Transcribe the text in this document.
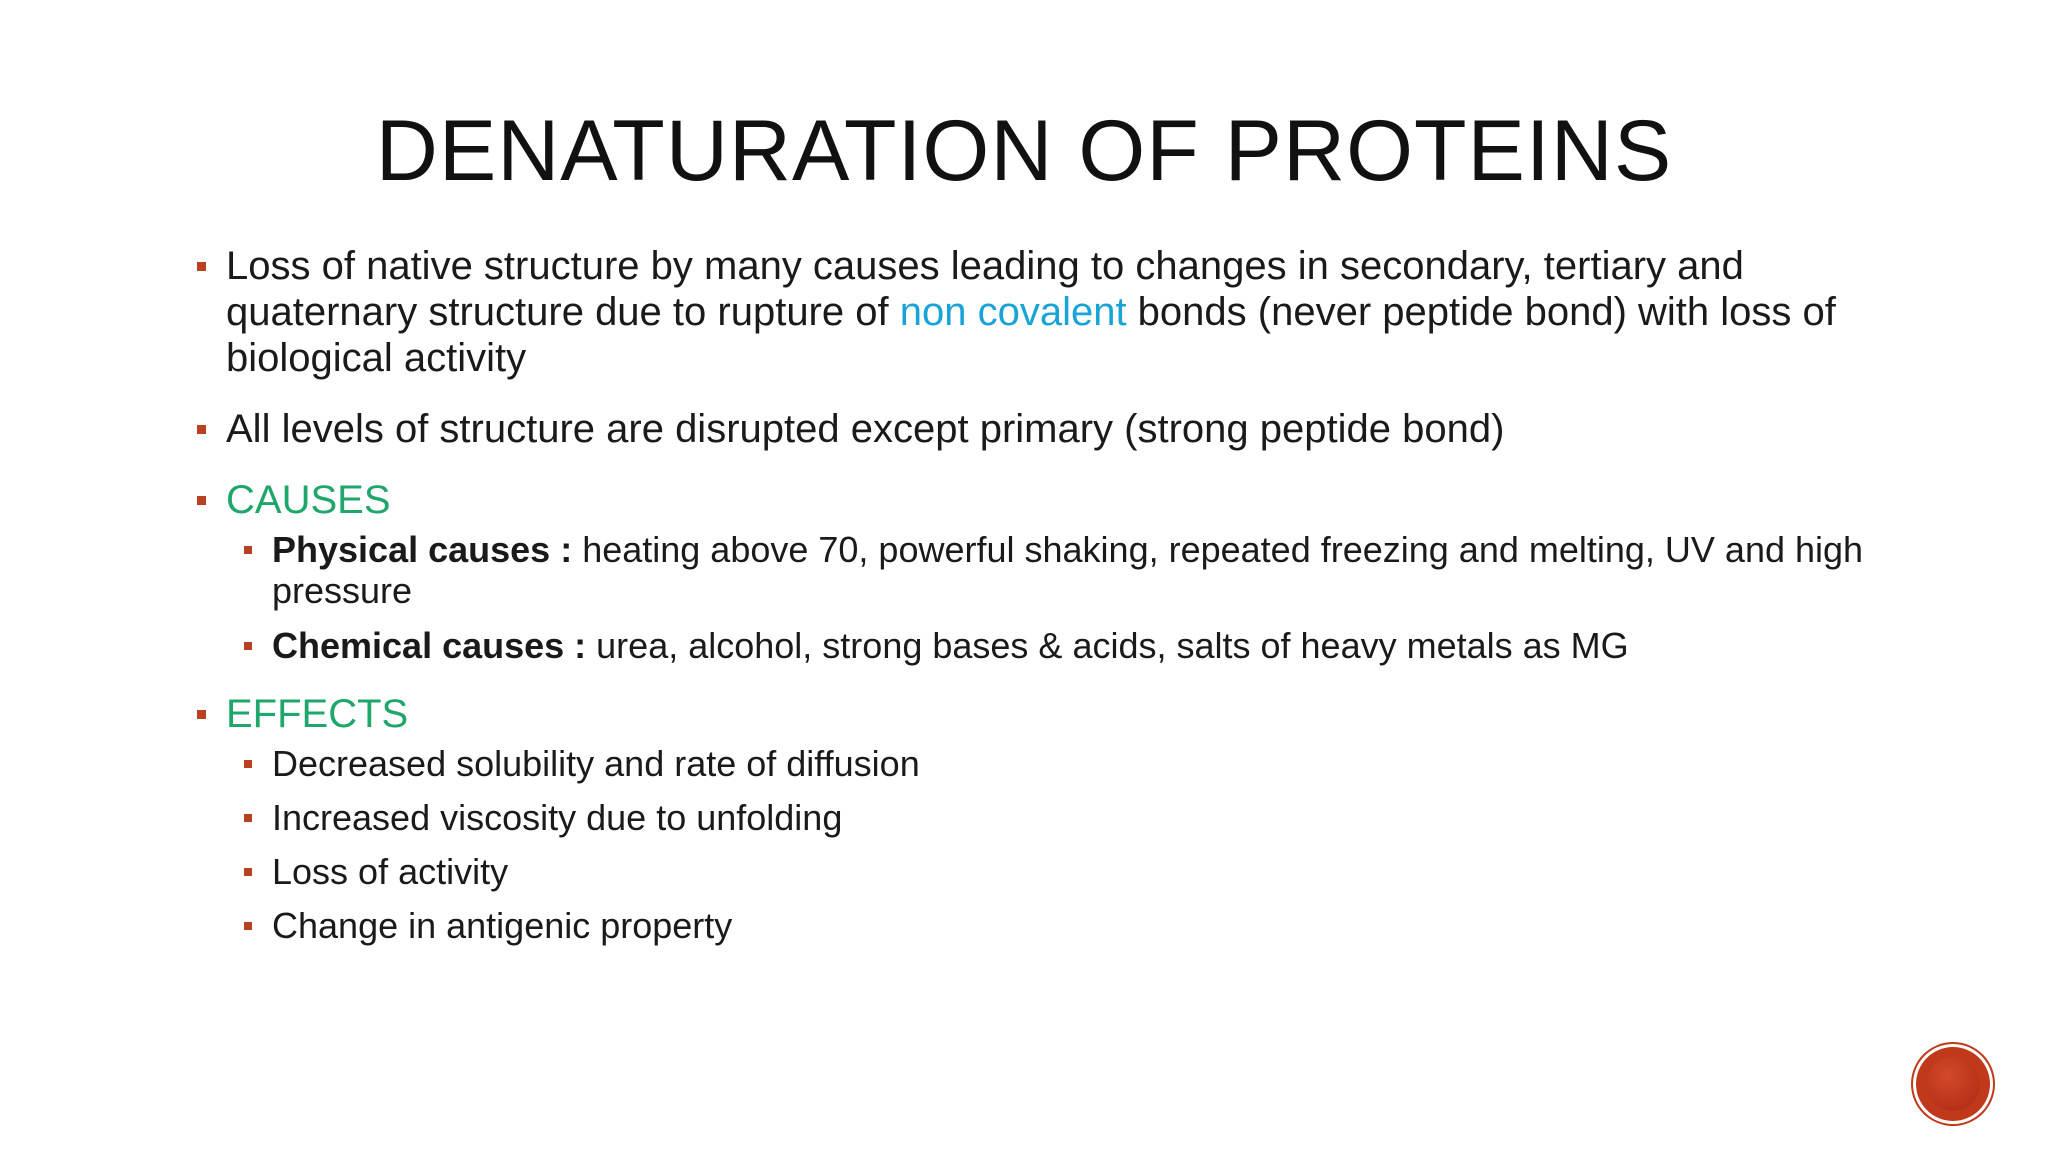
DENATURATION OF PROTEINS
Loss of native structure by many causes leading to changes in secondary, tertiary and quaternary structure due to rupture of non covalent bonds (never peptide bond) with loss of biological activity
All levels of structure are disrupted except primary (strong peptide bond)
CAUSES
Physical causes : heating above 70, powerful shaking, repeated freezing and melting, UV and high pressure
Chemical causes : urea, alcohol, strong bases & acids, salts of heavy metals as MG
EFFECTS
Decreased solubility and rate of diffusion
Increased viscosity due to unfolding
Loss of activity
Change in antigenic property
